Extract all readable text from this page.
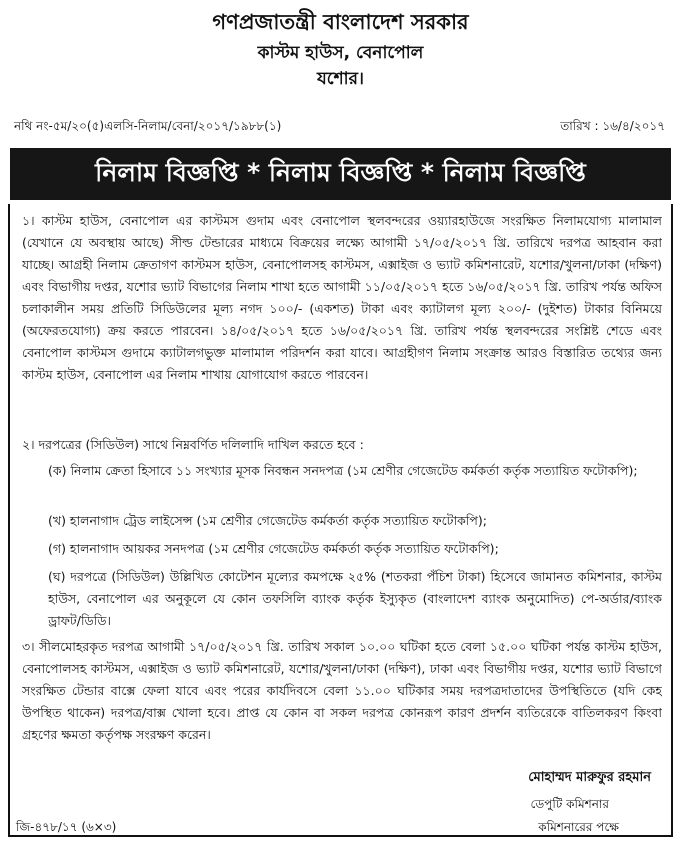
গণপ্রজাতন্ত্রী বাংলাদেশ সরকার
কাস্টম হাউস, বেনাপোল
যশোর।
নথি নং-৫ম/২০(৫)এলসি-নিলাম/বেনা/২০১৭/১৯৮৮(১)	তারিখ : ১৬/৪/২০১৭
নিলাম বিজ্ঞপ্তি * নিলাম বিজ্ঞপ্তি * নিলাম বিজ্ঞপ্তি

১। কাস্টম হাউস, বেনাপোল এর কাস্টমস গুদাম এবং বেনাপোল স্থলবন্দরের ওয়্যারহাউজে সংরক্ষিত নিলামযোগ্য মালামাল (যেখানে যে অবস্থায় আছে) সীল্ড টেন্ডারের মাধ্যমে বিক্রয়ের লক্ষ্যে আগামী ১৭/০৫/২০১৭ খ্রি. তারিখে দরপত্র আহবান করা যাচ্ছে। আগ্রহী নিলাম ক্রেতাগণ কাস্টমস হাউস, বেনাপোলসহ কাস্টমস, এক্সাইজ ও ভ্যাট কমিশনারেট, যশোর/খুলনা/ঢাকা (দক্ষিণ) এবং বিভাগীয় দপ্তর, যশোর ভ্যাট বিভাগের নিলাম শাখা হতে আগামী ১১/০৫/২০১৭ হতে ১৬/০৫/২০১৭ খ্রি. তারিখ পর্যন্ত অফিস চলাকালীন সময় প্রতিটি সিডিউলের মূল্য নগদ ১০০/- (একশত) টাকা এবং ক্যাটালগ মূল্য ২০০/- (দুইশত) টাকার বিনিময়ে (অফেরতযোগ্য) ক্রয় করতে পারবেন। ১৪/০৫/২০১৭ হতে ১৬/০৫/২০১৭ খ্রি. তারিখ পর্যন্ত স্থলবন্দরের সংশ্লিষ্ট শেডে এবং বেনাপোল কাস্টমস গুদামে ক্যাটালগভুক্ত মালামাল পরিদর্শন করা যাবে। আগ্রহীগণ নিলাম সংক্রান্ত আরও বিস্তারিত তথ্যের জন্য কাস্টম হাউস, বেনাপোল এর নিলাম শাখায় যোগাযোগ করতে পারবেন।

২। দরপত্রের (সিডিউল) সাথে নিম্নবর্ণিত দলিলাদি দাখিল করতে হবে :

(ক) নিলাম ক্রেতা হিসাবে ১১ সংখ্যার মূসক নিবন্ধন সনদপত্র (১ম শ্রেণীর গেজেটেড কর্মকর্তা কর্তৃক সত্যায়িত ফটোকপি);

(খ) হালনাগাদ ট্রেড লাইসেন্স (১ম শ্রেণীর গেজেটেড কর্মকর্তা কর্তৃক সত্যায়িত ফটোকপি);

(গ) হালনাগাদ আয়কর সনদপত্র (১ম শ্রেণীর গেজেটেড কর্মকর্তা কর্তৃক সত্যায়িত ফটোকপি);

(ঘ) দরপত্রে (সিডিউল) উল্লিখিত কোটেশন মূল্যের কমপক্ষে ২৫% (শতকরা পঁচিশ টাকা) হিসেবে জামানত কমিশনার, কাস্টম হাউস, বেনাপোল এর অনুকূলে যে কোন তফসিলি ব্যাংক কর্তৃক ইস্যুকৃত (বাংলাদেশ ব্যাংক অনুমোদিত) পে-অর্ডার/ব্যাংক ড্রাফট/ডিডি।

৩। সীলমোহরকৃত দরপত্র আগামী ১৭/০৫/২০১৭ খ্রি. তারিখ সকাল ১০.০০ ঘটিকা হতে বেলা ১৫.০০ ঘটিকা পর্যন্ত কাস্টম হাউস, বেনাপোলসহ কাস্টমস, এক্সাইজ ও ভ্যাট কমিশনারেট, যশোর/খুলনা/ঢাকা (দক্ষিণ), ঢাকা এবং বিভাগীয় দপ্তর, যশোর ভ্যাট বিভাগে সংরক্ষিত টেন্ডার বাক্সে ফেলা যাবে এবং পরের কার্যদিবসে বেলা ১১.০০ ঘটিকার সময় দরপত্রদাতাদের উপস্থিতিতে (যদি কেহ উপস্থিত থাকেন) দরপত্র/বাক্স খোলা হবে। প্রাপ্ত যে কোন বা সকল দরপত্র কোনরূপ কারণ প্রদর্শন ব্যতিরেকে বাতিলকরণ কিংবা গ্রহণের ক্ষমতা কর্তৃপক্ষ সংরক্ষণ করেন।

মোহাম্মদ মারুফুর রহমান
ডেপুটি কমিশনার
কমিশনারের পক্ষে
জি-৪৭৮/১৭ (৬×৩)
